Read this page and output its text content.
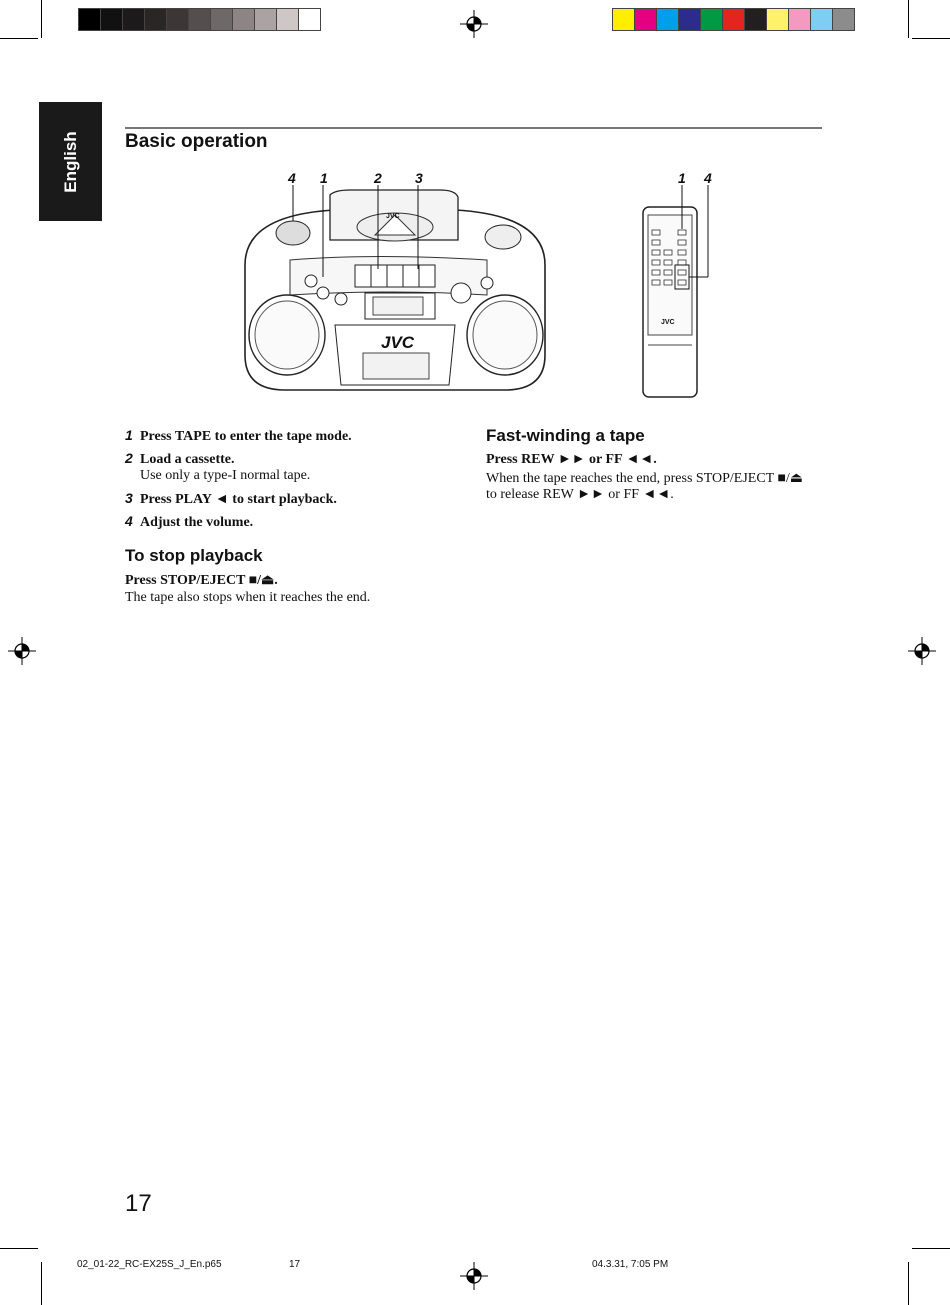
English Basic operation
4 1	2 3	1 4
JVC
JVC
JVC
1 Press TAPE to enter the tape mode.
2 Load a cassette.
Use only a type-I normal tape.
3 Press PLAY ◄ to start playback.
4 Adjust the volume.
To stop playback
Press STOP/EJECT ■/⏏.
The tape also stops when it reaches the end.
Fast-winding a tape
Press REW ►► or FF ◄◄.
When the tape reaches the end, press STOP/EJECT ■/⏏
to release REW ►► or FF ◄◄.
17
02_01-22_RC-EX25S_J_En.p65	17	04.3.31, 7:05 PM
